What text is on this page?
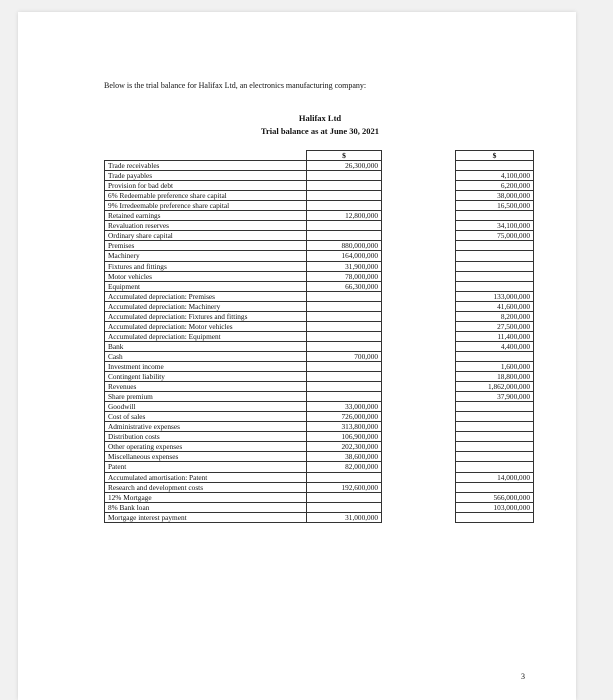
Below is the trial balance for Halifax Ltd, an electronics manufacturing company:
Halifax Ltd
Trial balance as at June 30, 2021
	$		$
Trade receivables	26,300,000		
Trade payables			4,100,000
Provision for bad debt			6,200,000
6% Redeemable preference share capital			38,000,000
9% Irredeemable preference share capital			16,500,000
Retained earnings	12,800,000		
Revaluation reserves			34,100,000
Ordinary share capital			75,000,000
Premises	880,000,000		
Machinery	164,000,000		
Fixtures and fittings	31,900,000		
Motor vehicles	78,000,000		
Equipment	66,300,000		
Accumulated depreciation: Premises			133,000,000
Accumulated depreciation: Machinery			41,600,000
Accumulated depreciation: Fixtures and fittings			8,200,000
Accumulated depreciation: Motor vehicles			27,500,000
Accumulated depreciation: Equipment			11,400,000
Bank			4,400,000
Cash	700,000		
Investment income			1,600,000
Contingent liability			18,800,000
Revenues			1,862,000,000
Share premium			37,900,000
Goodwill	33,000,000		
Cost of sales	726,000,000		
Administrative expenses	313,800,000		
Distribution costs	106,900,000		
Other operating expenses	202,300,000		
Miscellaneous expenses	38,600,000		
Patent	82,000,000		
Accumulated amortisation: Patent			14,000,000
Research and development costs	192,600,000		
12% Mortgage			566,000,000
8% Bank loan			103,000,000
Mortgage interest payment	31,000,000		
3
